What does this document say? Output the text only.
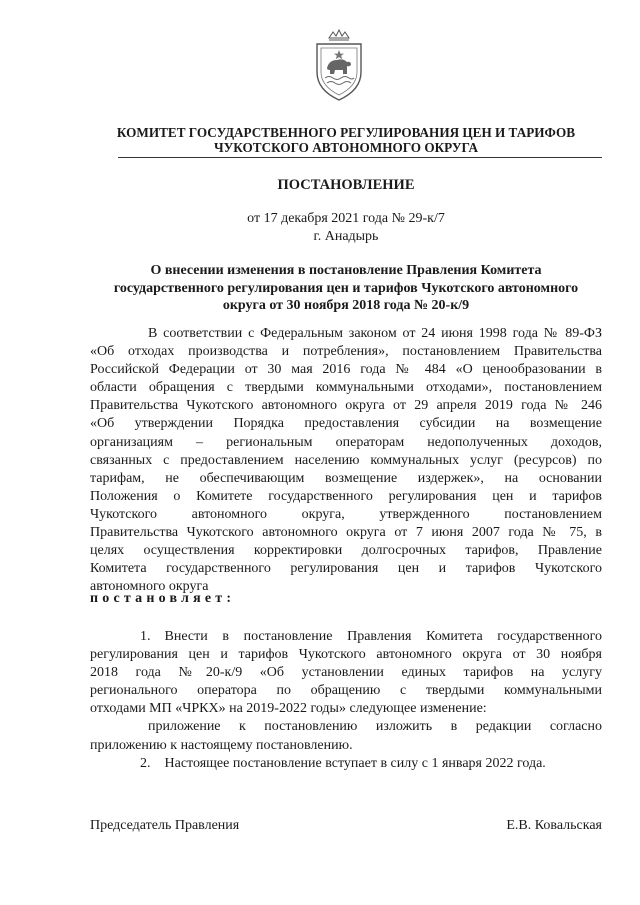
КОМИТЕТ ГОСУДАРСТВЕННОГО РЕГУЛИРОВАНИЯ ЦЕН И ТАРИФОВ
ЧУКОТСКОГО АВТОНОМНОГО ОКРУГА
ПОСТАНОВЛЕНИЕ
от 17 декабря 2021 года № 29-к/7
г. Анадырь
О внесении изменения в постановление Правления Комитета
государственного регулирования цен и тарифов Чукотского автономного
округа от 30 ноября 2018 года № 20-к/9
В соответствии с Федеральным законом от 24 июня 1998 года № 89-ФЗ
«Об отходах производства и потребления», постановлением Правительства
Российской Федерации от 30 мая 2016 года № 484 «О ценообразовании в
области обращения с твердыми коммунальными отходами», постановлением
Правительства Чукотского автономного округа от 29 апреля 2019 года № 246
«Об утверждении Порядка предоставления субсидии на возмещение
организациям – региональным операторам недополученных доходов,
связанных с предоставлением населению коммунальных услуг (ресурсов) по
тарифам, не обеспечивающим возмещение издержек», на основании
Положения о Комитете государственного регулирования цен и тарифов
Чукотского автономного округа, утвержденного постановлением
Правительства Чукотского автономного округа от 7 июня 2007 года № 75, в
целях осуществления корректировки долгосрочных тарифов, Правление
Комитета государственного регулирования цен и тарифов Чукотского
автономного округа
постановляет:
1. Внести в постановление Правления Комитета государственного
регулирования цен и тарифов Чукотского автономного округа от 30 ноября
2018 года №20-к/9 «Об установлении единых тарифов на услугу
регионального оператора по обращению с твердыми коммунальными
отходами МП «ЧРКХ» на 2019-2022 годы» следующее изменение:
приложение к постановлению изложить в редакции согласно
приложению к настоящему постановлению.
2. Настоящее постановление вступает в силу с 1 января 2022 года.
Председатель Правления	Е.В. Ковальская
